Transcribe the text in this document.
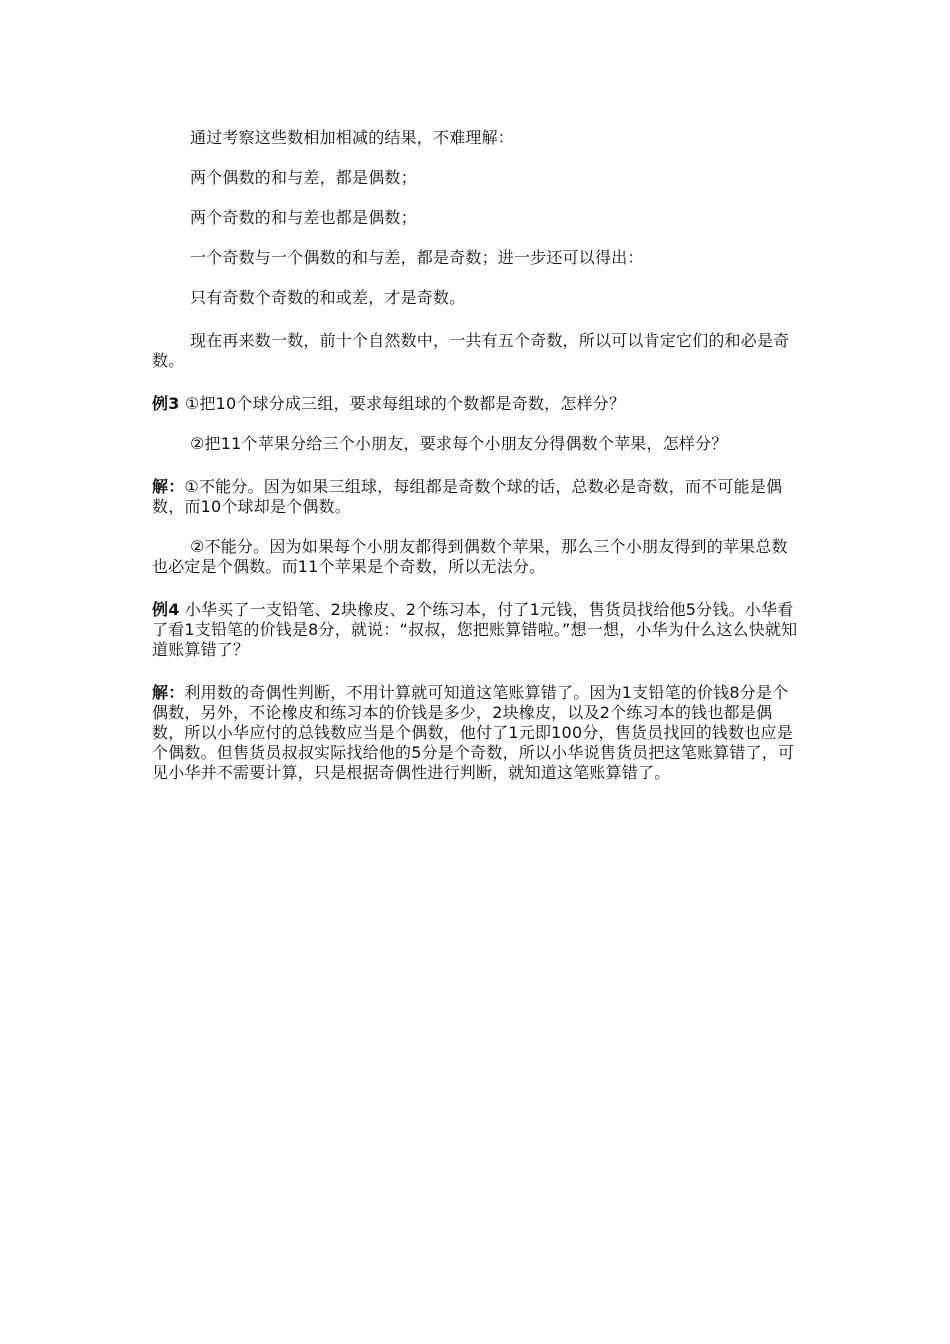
通过考察这些数相加相减的结果，不难理解：

两个偶数的和与差，都是偶数；

两个奇数的和与差也都是偶数；

一个奇数与一个偶数的和与差，都是奇数；进一步还可以得出：

只有奇数个奇数的和或差，才是奇数。

现在再来数一数，前十个自然数中，一共有五个奇数，所以可以肯定它们的和必是奇数。

例3 ①把10个球分成三组，要求每组球的个数都是奇数，怎样分？

②把11个苹果分给三个小朋友，要求每个小朋友分得偶数个苹果，怎样分？

解：①不能分。因为如果三组球，每组都是奇数个球的话，总数必是奇数，而不可能是偶数，而10个球却是个偶数。

②不能分。因为如果每个小朋友都得到偶数个苹果，那么三个小朋友得到的苹果总数也必定是个偶数。而11个苹果是个奇数，所以无法分。

例4 小华买了一支铅笔、2块橡皮、2个练习本，付了1元钱，售货员找给他5分钱。小华看了看1支铅笔的价钱是8分，就说：“叔叔，您把账算错啦。”想一想，小华为什么这么快就知道账算错了？

解：利用数的奇偶性判断，不用计算就可知道这笔账算错了。因为1支铅笔的价钱8分是个偶数，另外，不论橡皮和练习本的价钱是多少，2块橡皮，以及2个练习本的钱也都是偶数，所以小华应付的总钱数应当是个偶数，他付了1元即100分，售货员找回的钱数也应是个偶数。但售货员叔叔实际找给他的5分是个奇数，所以小华说售货员把这笔账算错了，可见小华并不需要计算，只是根据奇偶性进行判断，就知道这笔账算错了。
